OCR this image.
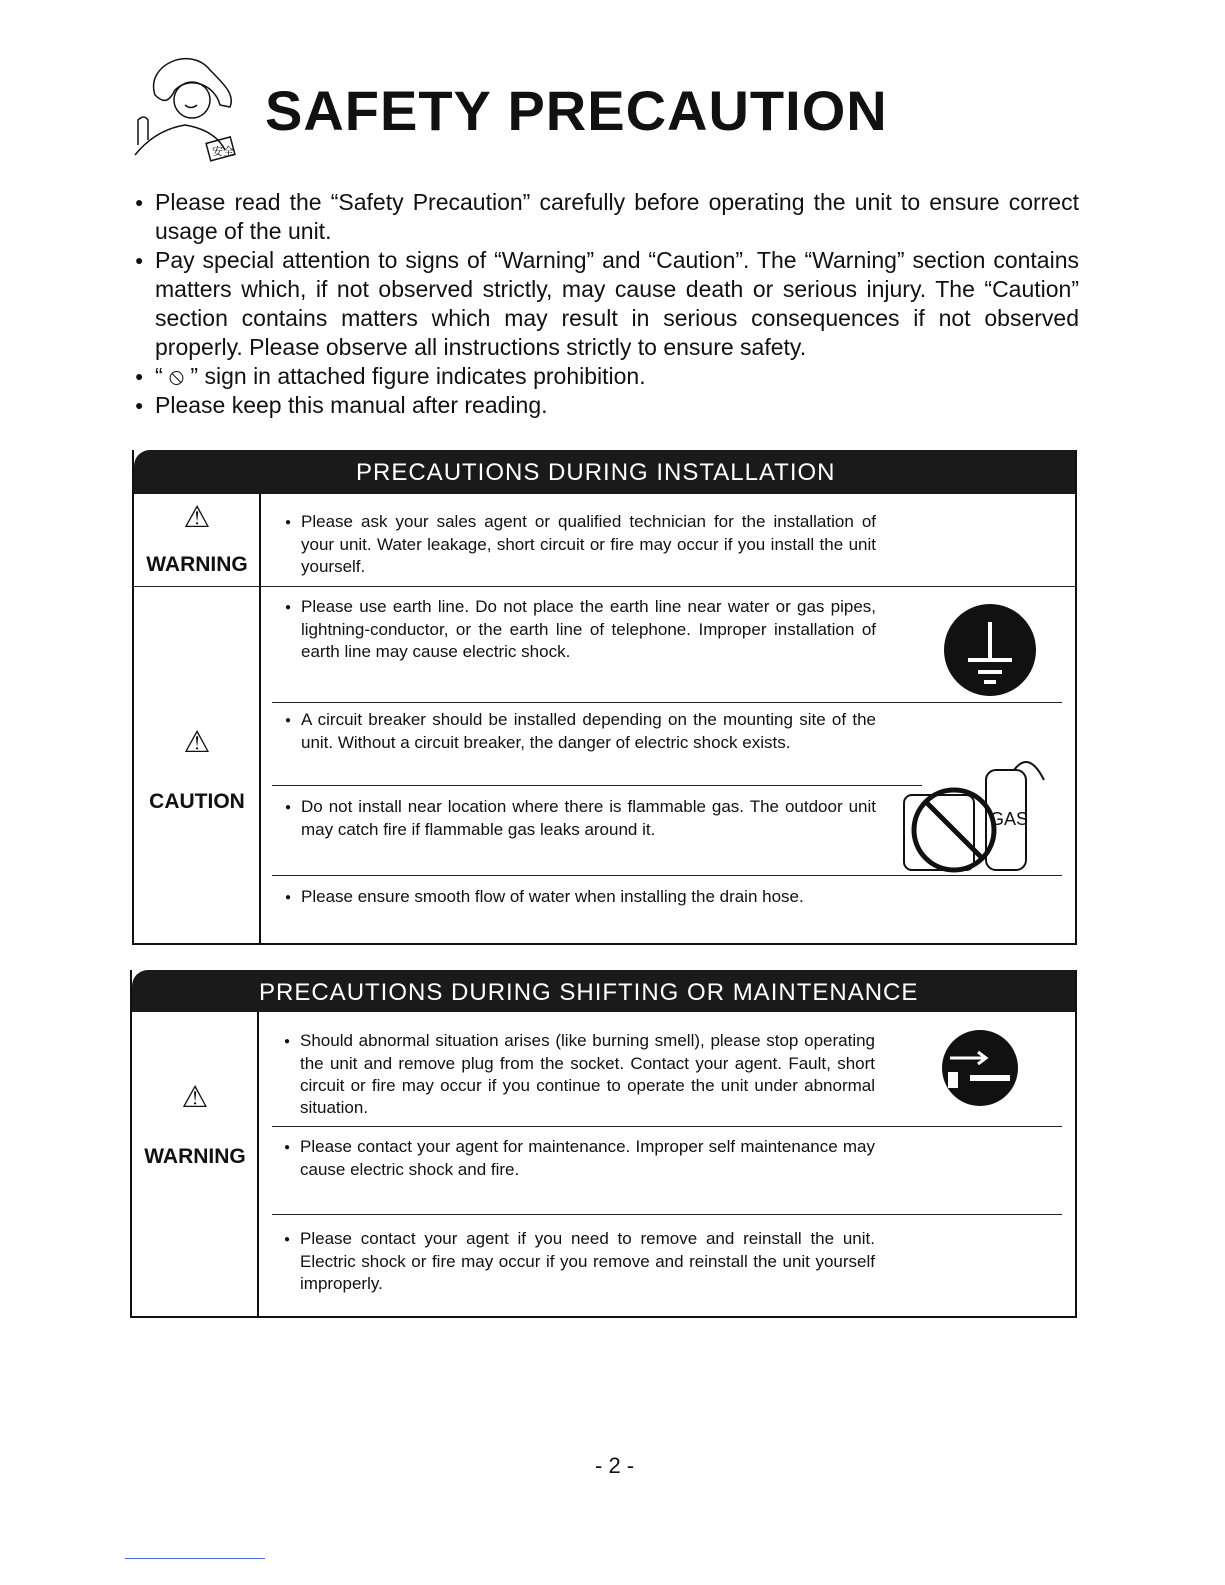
安全
SAFETY PRECAUTION

● Please read the “Safety Precaution” carefully before operating the unit to ensure correct usage of the unit.

● Pay special attention to signs of “Warning” and “Caution”. The “Warning” section contains matters which, if not observed strictly, may cause death or serious injury. The “Caution” section contains matters which may result in serious consequences if not observed properly. Please observe all instructions strictly to ensure safety.

● “ ⦸ ” sign in attached figure indicates prohibition.

● Please keep this manual after reading.

PRECAUTIONS DURING INSTALLATION
⚠
WARNING
⚠
CAUTION
● Please ask your sales agent or qualified technician for the installation of your unit. Water leakage, short circuit or fire may occur if you install the unit yourself.
● Please use earth line. Do not place the earth line near water or gas pipes, lightning-conductor, or the earth line of telephone. Improper installation of earth line may cause electric shock.
● A circuit breaker should be installed depending on the mounting site of the unit. Without a circuit breaker, the danger of electric shock exists.
● Do not install near location where there is flammable gas. The outdoor unit may catch fire if flammable gas leaks around it.
● Please ensure smooth flow of water when installing the drain hose.
GAS
PRECAUTIONS DURING SHIFTING OR MAINTENANCE
⚠
WARNING
● Should abnormal situation arises (like burning smell), please stop operating the unit and remove plug from the socket. Contact your agent. Fault, short circuit or fire may occur if you continue to operate the unit under abnormal situation.
● Please contact your agent for maintenance. Improper self maintenance may cause electric shock and fire.
● Please contact your agent if you need to remove and reinstall the unit. Electric shock or fire may occur if you remove and reinstall the unit yourself improperly.
- 2 -
